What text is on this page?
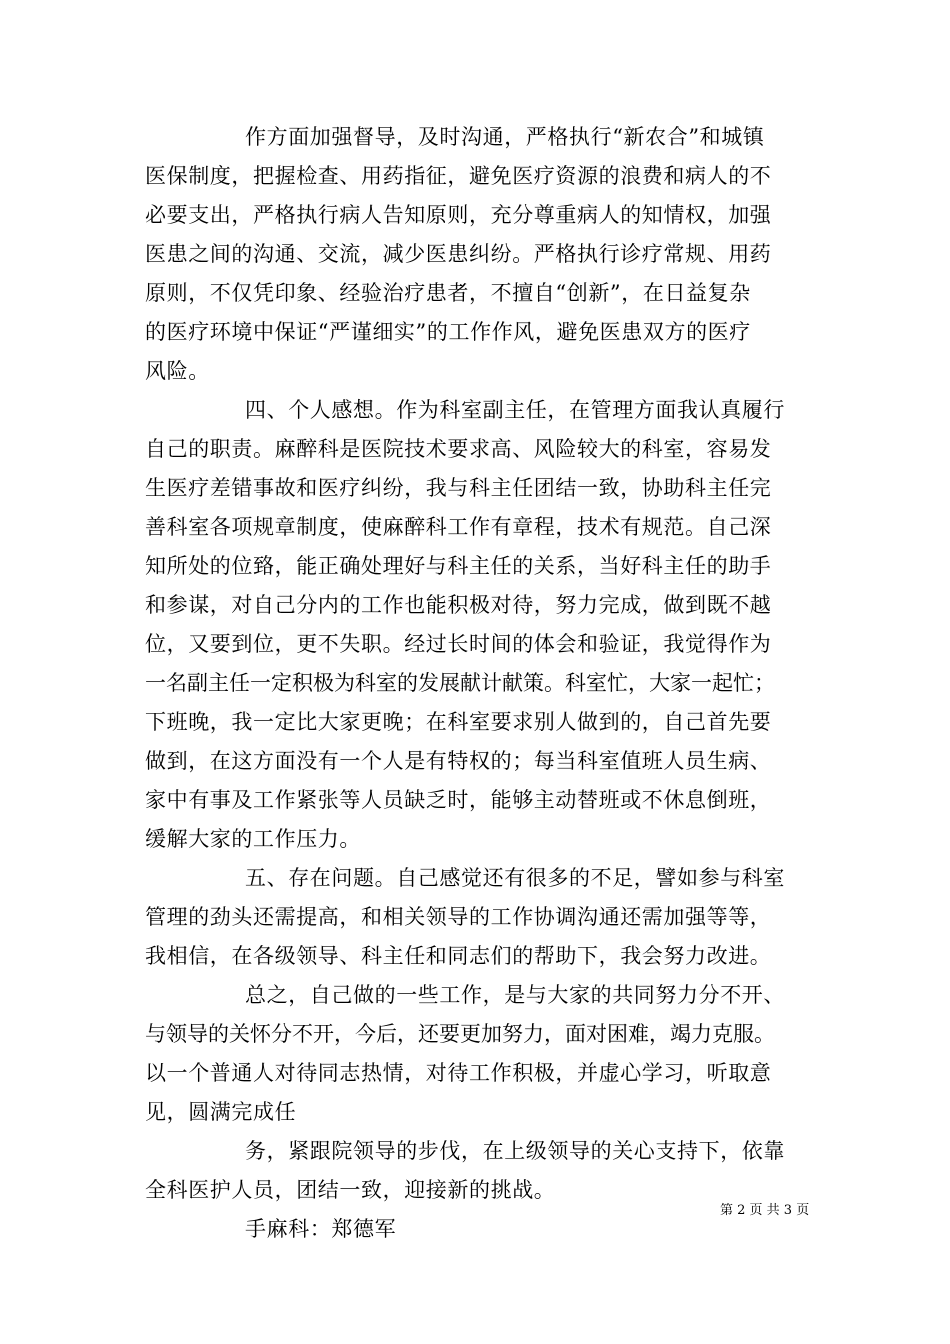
作方面加强督导，及时沟通，严格执行“新农合”和城镇
医保制度，把握检查、用药指征，避免医疗资源的浪费和病人的不
必要支出，严格执行病人告知原则，充分尊重病人的知情权，加强
医患之间的沟通、交流，减少医患纠纷。严格执行诊疗常规、用药
原则，不仅凭印象、经验治疗患者，不擅自“创新”，在日益复杂
的医疗环境中保证“严谨细实”的工作作风，避免医患双方的医疗
风险。
四、个人感想。作为科室副主任，在管理方面我认真履行
自己的职责。麻醉科是医院技术要求高、风险较大的科室，容易发
生医疗差错事故和医疗纠纷，我与科主任团结一致，协助科主任完
善科室各项规章制度，使麻醉科工作有章程，技术有规范。自己深
知所处的位臵，能正确处理好与科主任的关系，当好科主任的助手
和参谋，对自己分内的工作也能积极对待，努力完成，做到既不越
位，又要到位，更不失职。经过长时间的体会和验证，我觉得作为
一名副主任一定积极为科室的发展献计献策。科室忙，大家一起忙；
下班晚，我一定比大家更晚；在科室要求别人做到的，自己首先要
做到，在这方面没有一个人是有特权的；每当科室值班人员生病、
家中有事及工作紧张等人员缺乏时，能够主动替班或不休息倒班，
缓解大家的工作压力。
五、存在问题。自己感觉还有很多的不足，譬如参与科室
管理的劲头还需提高，和相关领导的工作协调沟通还需加强等等，
我相信，在各级领导、科主任和同志们的帮助下，我会努力改进。
总之，自己做的一些工作，是与大家的共同努力分不开、
与领导的关怀分不开，今后，还要更加努力，面对困难，竭力克服。
以一个普通人对待同志热情，对待工作积极，并虚心学习，听取意
见，圆满完成任
务，紧跟院领导的步伐，在上级领导的关心支持下，依靠
全科医护人员，团结一致，迎接新的挑战。
手麻科：郑德军
第 2 页 共 3 页
